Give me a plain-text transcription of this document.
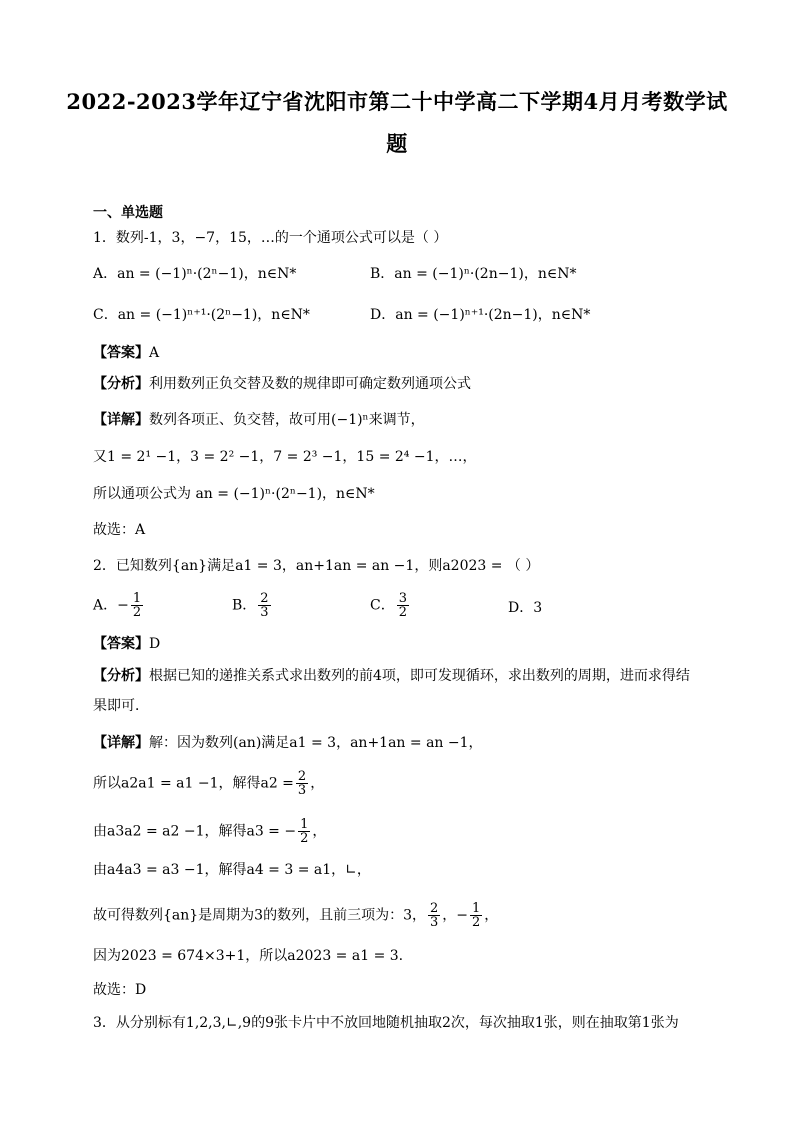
2022-2023学年辽宁省沈阳市第二十中学高二下学期4月月考数学试
题
一、单选题
1．数列-1，3，−7，15，…的一个通项公式可以是（ ）
A．an = (−1)ⁿ·(2ⁿ−1)，n∈N*	B．an = (−1)ⁿ·(2n−1)，n∈N*
C．an = (−1)ⁿ⁺¹·(2ⁿ−1)，n∈N*	D．an = (−1)ⁿ⁺¹·(2n−1)，n∈N*
【答案】A
【分析】利用数列正负交替及数的规律即可确定数列通项公式
【详解】数列各项正、负交替，故可用(−1)ⁿ来调节，
又1 = 2¹ −1，3 = 2² −1，7 = 2³ −1，15 = 2⁴ −1，…，
所以通项公式为 an = (−1)ⁿ·(2ⁿ−1)，n∈N*
故选：A
2．已知数列{an}满足a1 = 3，an+1an = an −1，则a2023 = （ ）
A．− $\frac{1}{2}$	B． $\frac{2}{3}$	C． $\frac{3}{2}$	D．3
【答案】D
【分析】根据已知的递推关系式求出数列的前4项，即可发现循环，求出数列的周期，进而求得结
果即可．
【详解】解：因为数列(an)满足a1 = 3，an+1an = an −1，
所以a2a1 = a1 −1，解得$a2 = \frac{2}{3}$ ，
由a3a2 = a2 −1，解得a3 = − $\frac{1}{2}$ ，
由a4a3 = a3 −1，解得a4 = 3 = a1，∟，
故可得数列{an}是周期为3的数列，且前三项为：3， $\frac{2}{3}$ ，− $\frac{1}{2}$ ，
因为2023 = 674×3+1，所以a2023 = a1 = 3.
故选：D
3．从分别标有1,2,3,∟,9的9张卡片中不放回地随机抽取2次，每次抽取1张，则在抽取第1张为
